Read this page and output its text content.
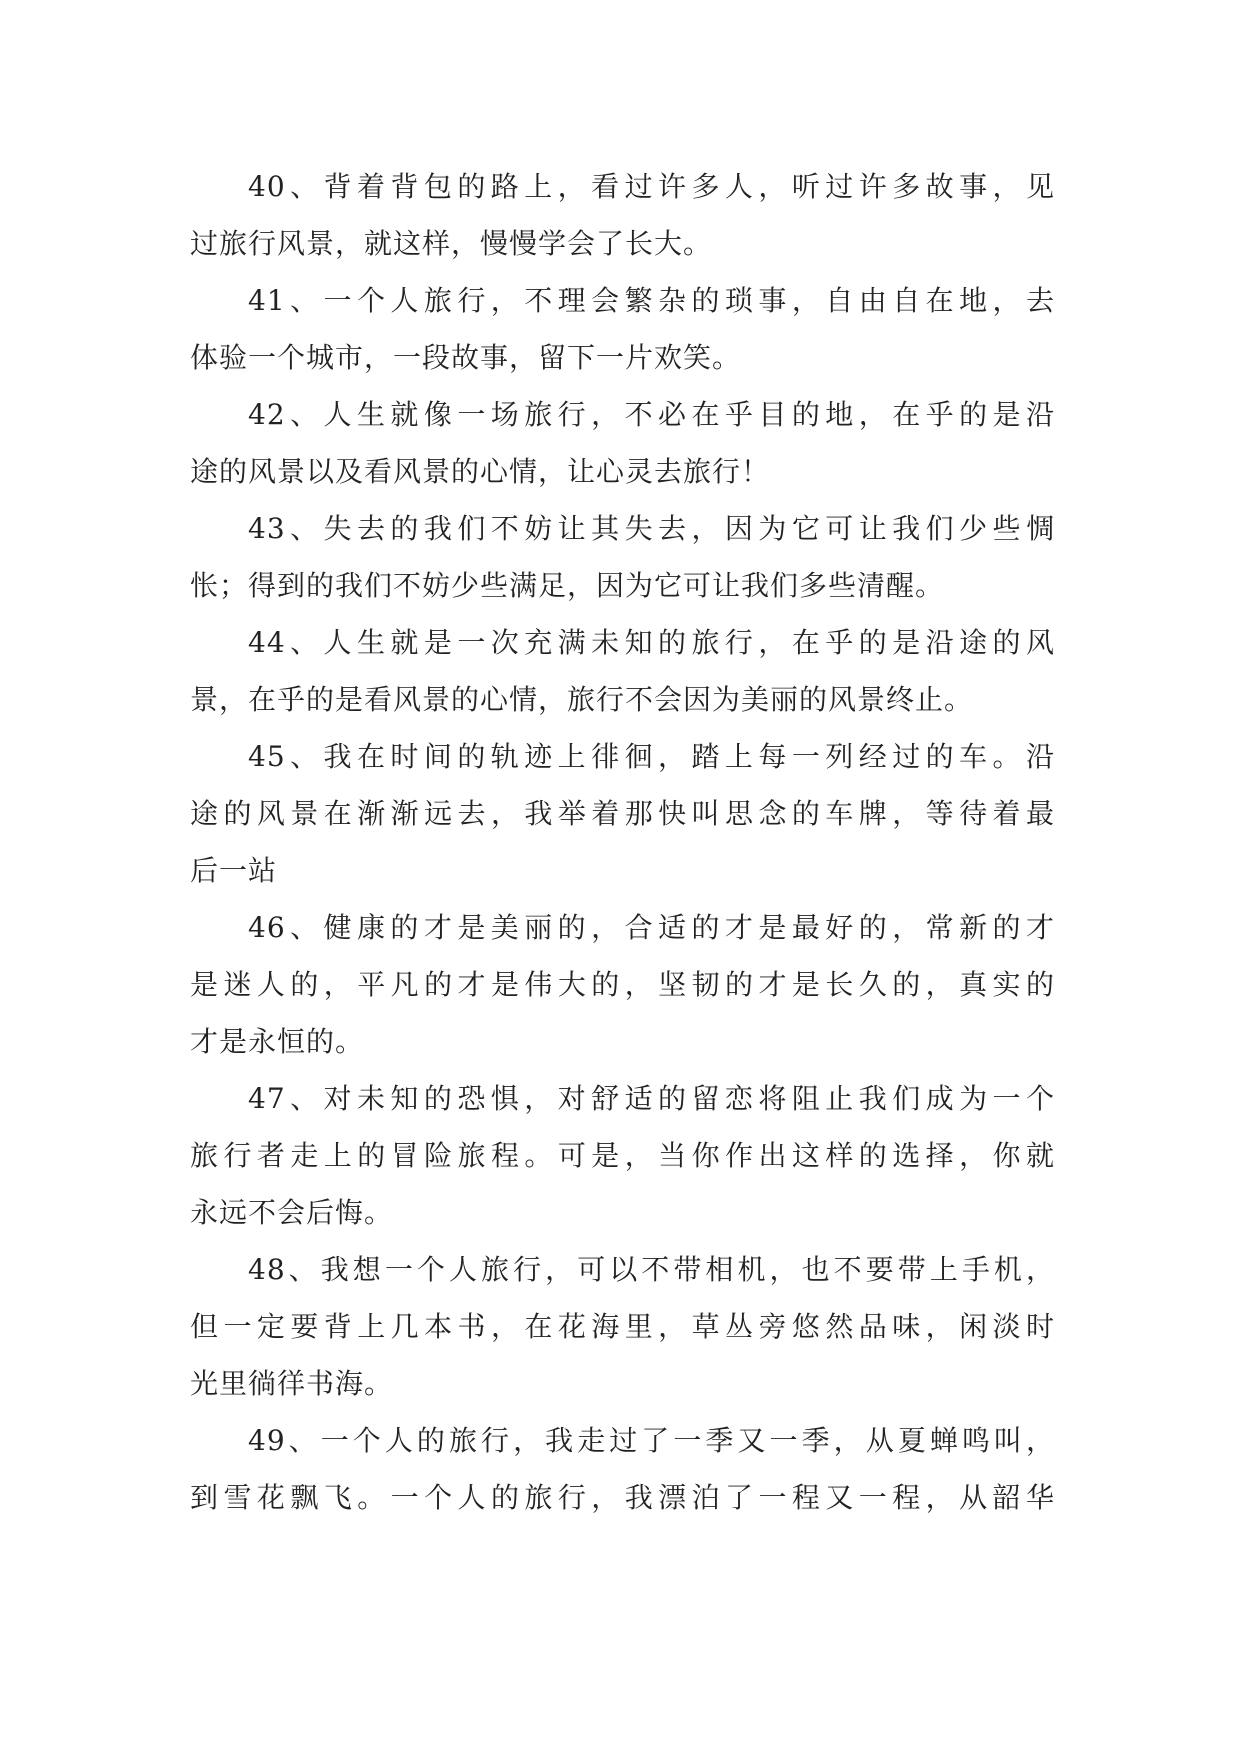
40、背着背包的路上，看过许多人，听过许多故事，见
过旅行风景，就这样，慢慢学会了长大。

41、一个人旅行，不理会繁杂的琐事，自由自在地，去
体验一个城市，一段故事，留下一片欢笑。

42、人生就像一场旅行，不必在乎目的地，在乎的是沿
途的风景以及看风景的心情，让心灵去旅行！

43、失去的我们不妨让其失去，因为它可让我们少些惆
怅；得到的我们不妨少些满足，因为它可让我们多些清醒。

44、人生就是一次充满未知的旅行，在乎的是沿途的风
景，在乎的是看风景的心情，旅行不会因为美丽的风景终止。

45、我在时间的轨迹上徘徊，踏上每一列经过的车。沿
途的风景在渐渐远去，我举着那快叫思念的车牌，等待着最
后一站

46、健康的才是美丽的，合适的才是最好的，常新的才
是迷人的，平凡的才是伟大的，坚韧的才是长久的，真实的
才是永恒的。

47、对未知的恐惧，对舒适的留恋将阻止我们成为一个
旅行者走上的冒险旅程。可是，当你作出这样的选择，你就
永远不会后悔。

48、我想一个人旅行，可以不带相机，也不要带上手机，
但一定要背上几本书，在花海里，草丛旁悠然品味，闲淡时
光里徜徉书海。

49、一个人的旅行，我走过了一季又一季，从夏蝉鸣叫，
到雪花飘飞。一个人的旅行，我漂泊了一程又一程，从韶华
